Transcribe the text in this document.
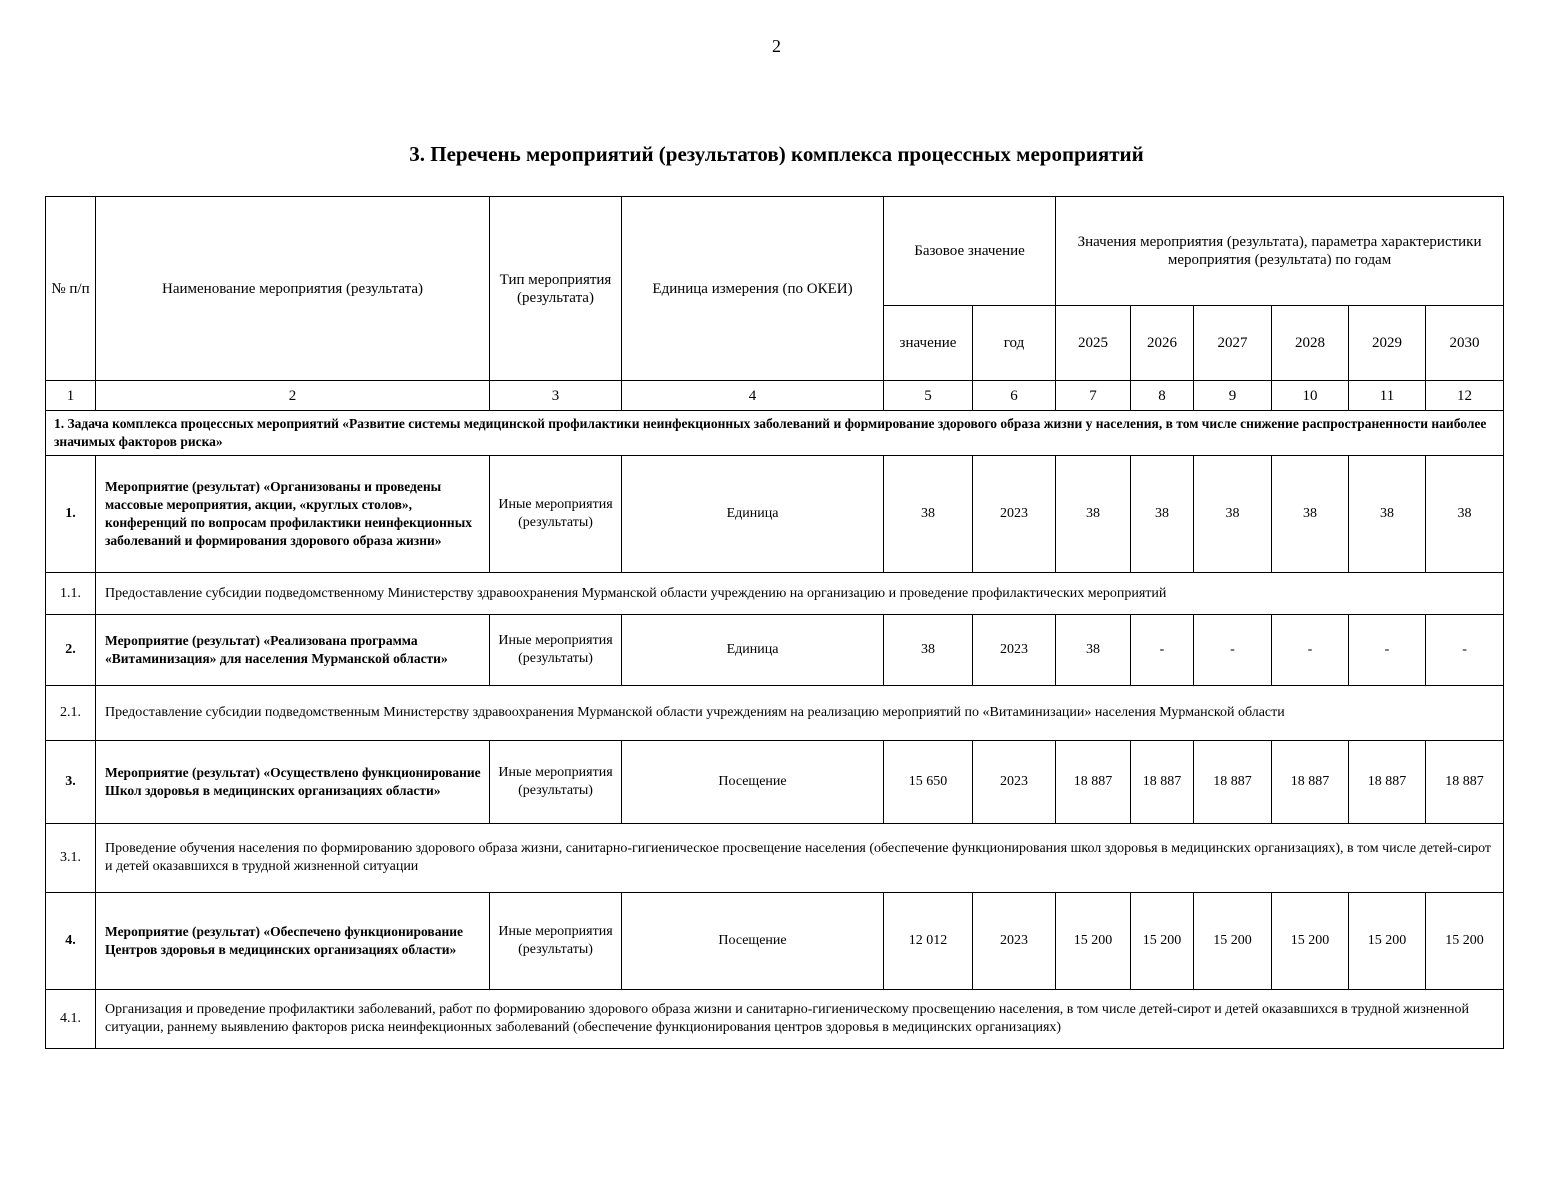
2
3. Перечень мероприятий (результатов) комплекса процессных мероприятий
№ п/п	Наименование мероприятия (результата)	Тип мероприятия (результата)	Единица измерения (по ОКЕИ)	Базовое значение		Значения мероприятия (результата), параметра характеристики мероприятия (результата) по годам					
				значение	год	2025	2026	2027	2028	2029	2030
1	2	3	4	5	6	7	8	9	10	11	12
1. Задача комплекса процессных мероприятий «Развитие системы медицинской профилактики неинфекционных заболеваний и формирование здорового образа жизни у населения, в том числе снижение распространенности наиболее значимых факторов риска»											
1.	Мероприятие (результат) «Организованы и проведены массовые мероприятия, акции, «круглых столов», конференций по вопросам профилактики неинфекционных заболеваний и формирования здорового образа жизни»	Иные мероприятия (результаты)	Единица	38	2023	38	38	38	38	38	38
1.1.	Предоставление субсидии подведомственному Министерству здравоохранения Мурманской области учреждению на организацию и проведение профилактических мероприятий										
2.	Мероприятие (результат) «Реализована программа «Витаминизация» для населения Мурманской области»	Иные мероприятия (результаты)	Единица	38	2023	38	-	-	-	-	-
2.1.	Предоставление субсидии подведомственным Министерству здравоохранения Мурманской области учреждениям на реализацию мероприятий по «Витаминизации» населения Мурманской области										
3.	Мероприятие (результат) «Осуществлено функционирование Школ здоровья в медицинских организациях области»	Иные мероприятия (результаты)	Посещение	15 650	2023	18 887	18 887	18 887	18 887	18 887	18 887
3.1.	Проведение обучения населения по формированию здорового образа жизни, санитарно-гигиеническое просвещение населения (обеспечение функционирования школ здоровья в медицинских организациях), в том числе детей-сирот и детей оказавшихся в трудной жизненной ситуации										
4.	Мероприятие (результат) «Обеспечено функционирование Центров здоровья в медицинских организациях области»	Иные мероприятия (результаты)	Посещение	12 012	2023	15 200	15 200	15 200	15 200	15 200	15 200
4.1.	Организация и проведение профилактики заболеваний, работ по формированию здорового образа жизни и санитарно-гигиеническому просвещению населения, в том числе детей-сирот и детей оказавшихся в трудной жизненной ситуации, раннему выявлению факторов риска неинфекционных заболеваний (обеспечение функционирования центров здоровья в медицинских организациях)										
